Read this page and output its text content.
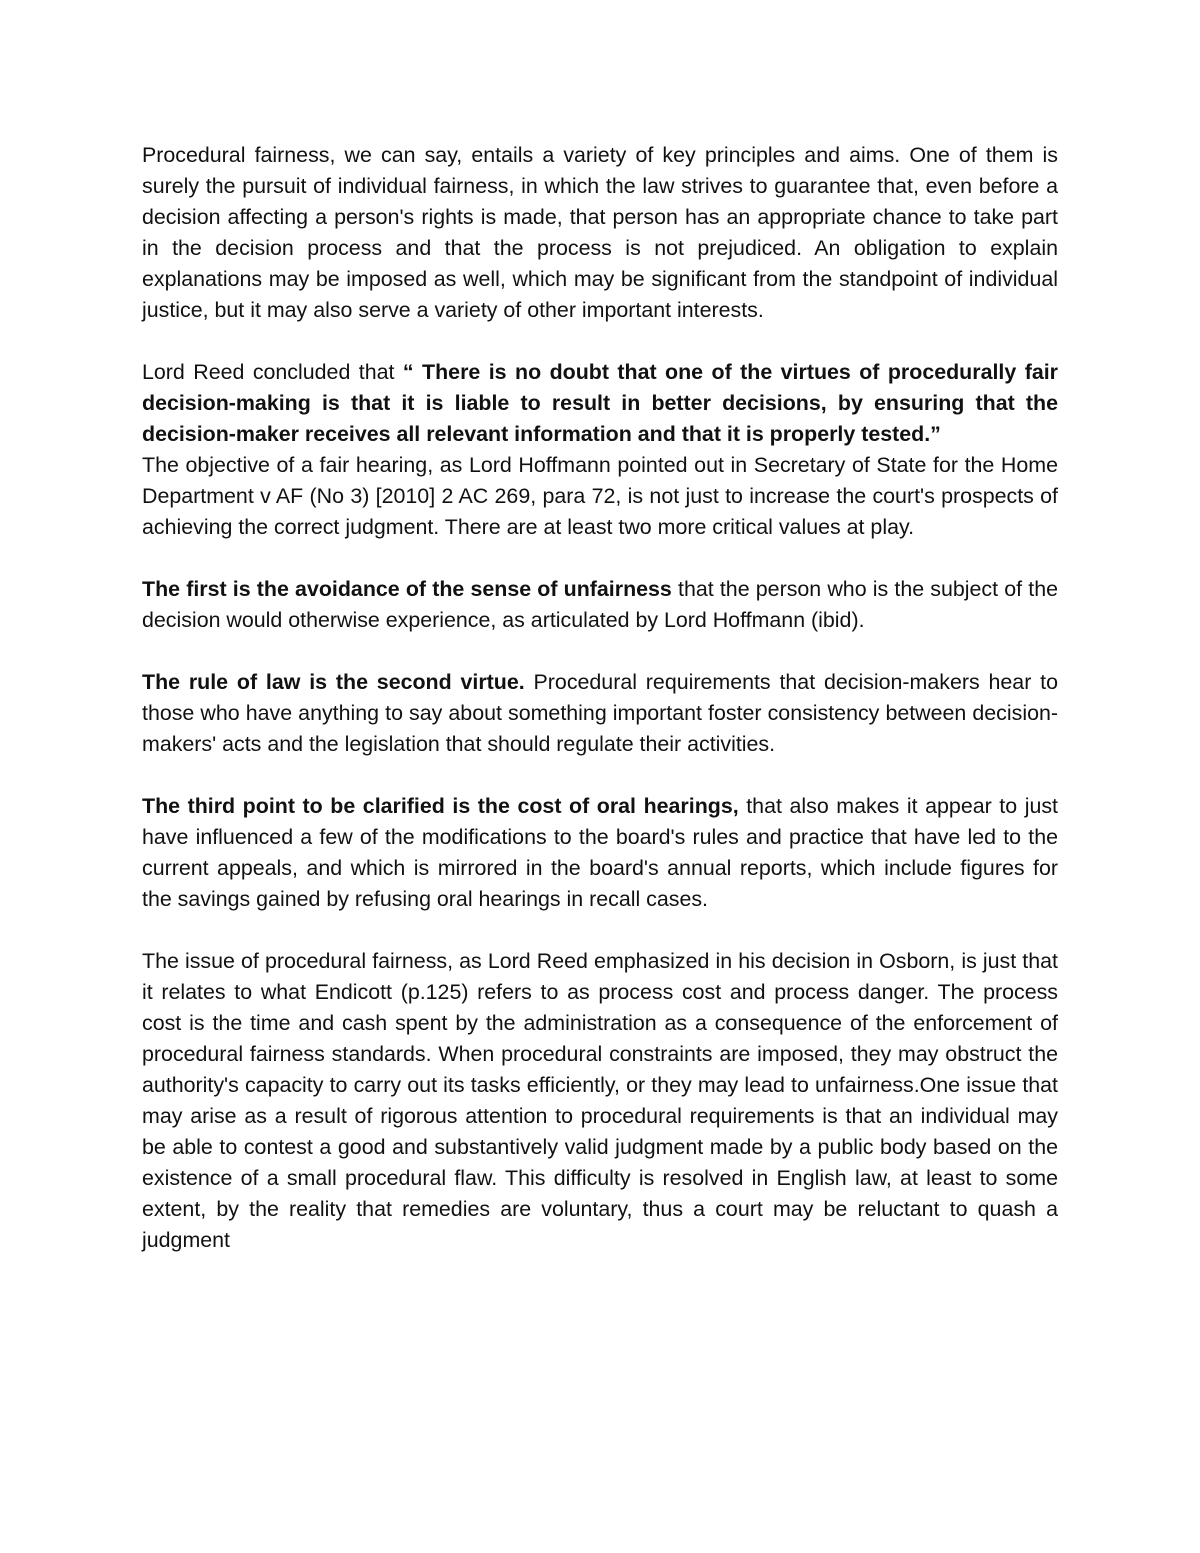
Procedural fairness, we can say, entails a variety of key principles and aims. One of them is surely the pursuit of individual fairness, in which the law strives to guarantee that, even before a decision affecting a person's rights is made, that person has an appropriate chance to take part in the decision process and that the process is not prejudiced. An obligation to explain explanations may be imposed as well, which may be significant from the standpoint of individual justice, but it may also serve a variety of other important interests.

Lord Reed concluded that “ There is no doubt that one of the virtues of procedurally fair decision-making is that it is liable to result in better decisions, by ensuring that the decision-maker receives all relevant information and that it is properly tested.”

The objective of a fair hearing, as Lord Hoffmann pointed out in Secretary of State for the Home Department v AF (No 3) [2010] 2 AC 269, para 72, is not just to increase the court's prospects of achieving the correct judgment. There are at least two more critical values at play.

The first is the avoidance of the sense of unfairness that the person who is the subject of the decision would otherwise experience, as articulated by Lord Hoffmann (ibid).

The rule of law is the second virtue. Procedural requirements that decision-makers hear to those who have anything to say about something important foster consistency between decision-makers' acts and the legislation that should regulate their activities.

The third point to be clarified is the cost of oral hearings, that also makes it appear to just have influenced a few of the modifications to the board's rules and practice that have led to the current appeals, and which is mirrored in the board's annual reports, which include figures for the savings gained by refusing oral hearings in recall cases.

The issue of procedural fairness, as Lord Reed emphasized in his decision in Osborn, is just that it relates to what Endicott (p.125) refers to as process cost and process danger. The process cost is the time and cash spent by the administration as a consequence of the enforcement of procedural fairness standards. When procedural constraints are imposed, they may obstruct the authority's capacity to carry out its tasks efficiently, or they may lead to unfairness.One issue that may arise as a result of rigorous attention to procedural requirements is that an individual may be able to contest a good and substantively valid judgment made by a public body based on the existence of a small procedural flaw. This difficulty is resolved in English law, at least to some extent, by the reality that remedies are voluntary, thus a court may be reluctant to quash a judgment
